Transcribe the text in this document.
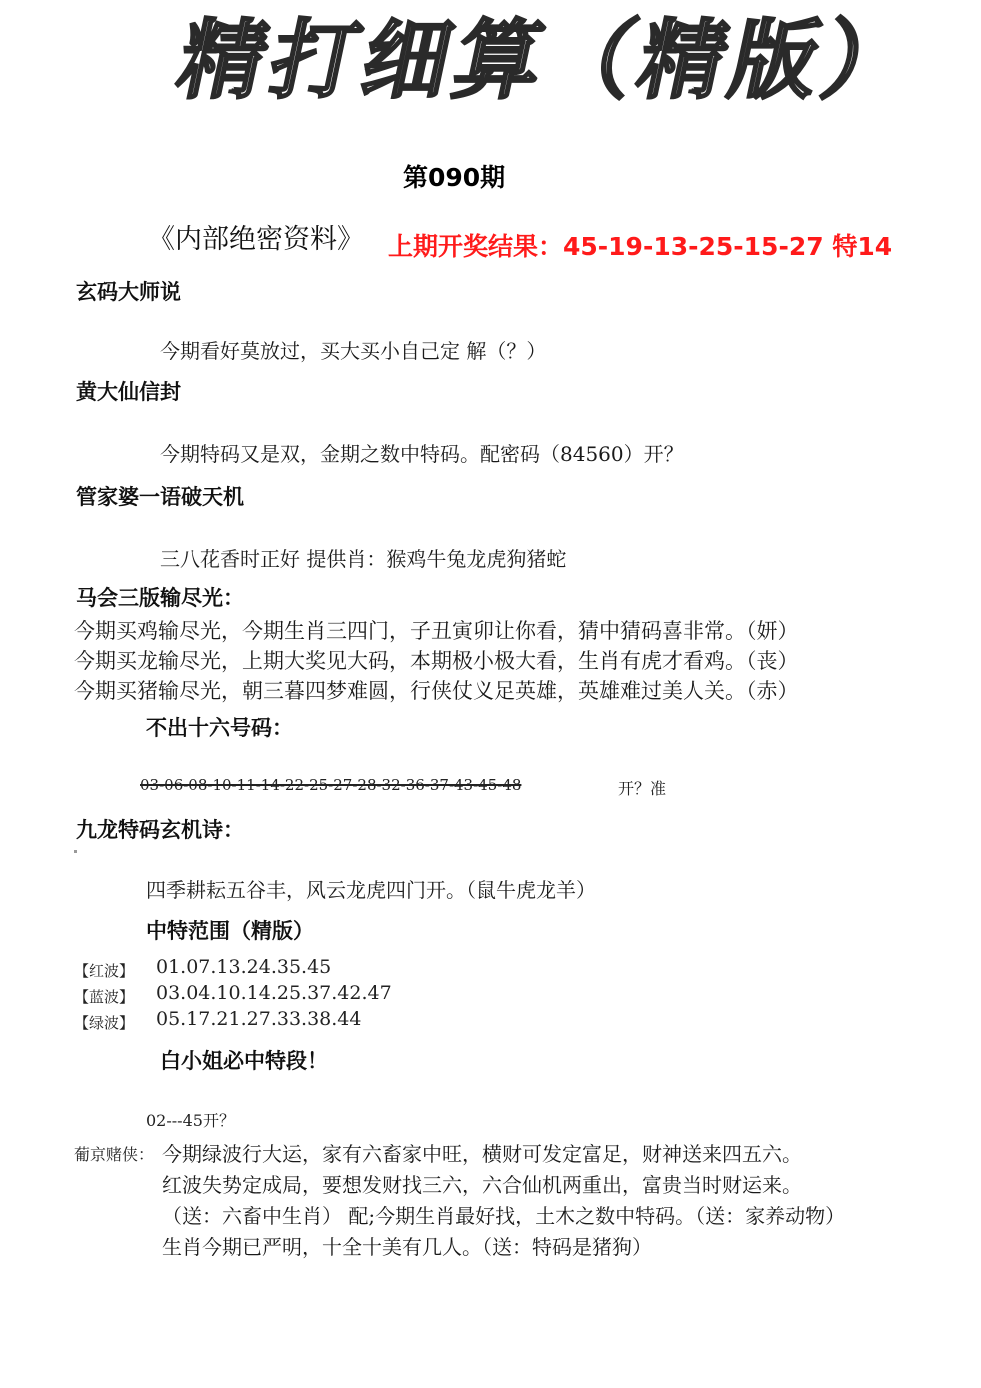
精打细算（精版）
第090期
《内部绝密资料》 上期开奖结果：45-19-13-25-15-27 特14
玄码大师说
今期看好莫放过，买大买小自己定 解（？）
黄大仙信封
今期特码又是双，金期之数中特码。配密码（84560）开？
管家婆一语破天机
三八花香时正好 提供肖：猴鸡牛兔龙虎狗猪蛇
马会三版输尽光：
今期买鸡输尽光，今期生肖三四门，子丑寅卯让你看，猜中猜码喜非常。（妍）
今期买龙输尽光，上期大奖见大码，本期极小极大看，生肖有虎才看鸡。（丧）
今期买猪输尽光，朝三暮四梦难圆，行侠仗义足英雄，英雄难过美人关。（赤）
不出十六号码：
03-06-08-10-11-14-22-25-27-28-32-36-37-43-45-48	开？准
九龙特码玄机诗：
四季耕耘五谷丰，风云龙虎四门开。（鼠牛虎龙羊）
中特范围（精版）
【红波】 01.07.13.24.35.45
【蓝波】 03.04.10.14.25.37.42.47
【绿波】 05.17.21.27.33.38.44
白小姐必中特段！
02---45开？
葡京赌侠： 今期绿波行大运，家有六畜家中旺，横财可发定富足，财神送来四五六。
红波失势定成局，要想发财找三六，六合仙机两重出，富贵当时财运来。
（送：六畜中生肖） 配;今期生肖最好找，土木之数中特码。（送：家养动物）
生肖今期已严明，十全十美有几人。（送：特码是猪狗）
